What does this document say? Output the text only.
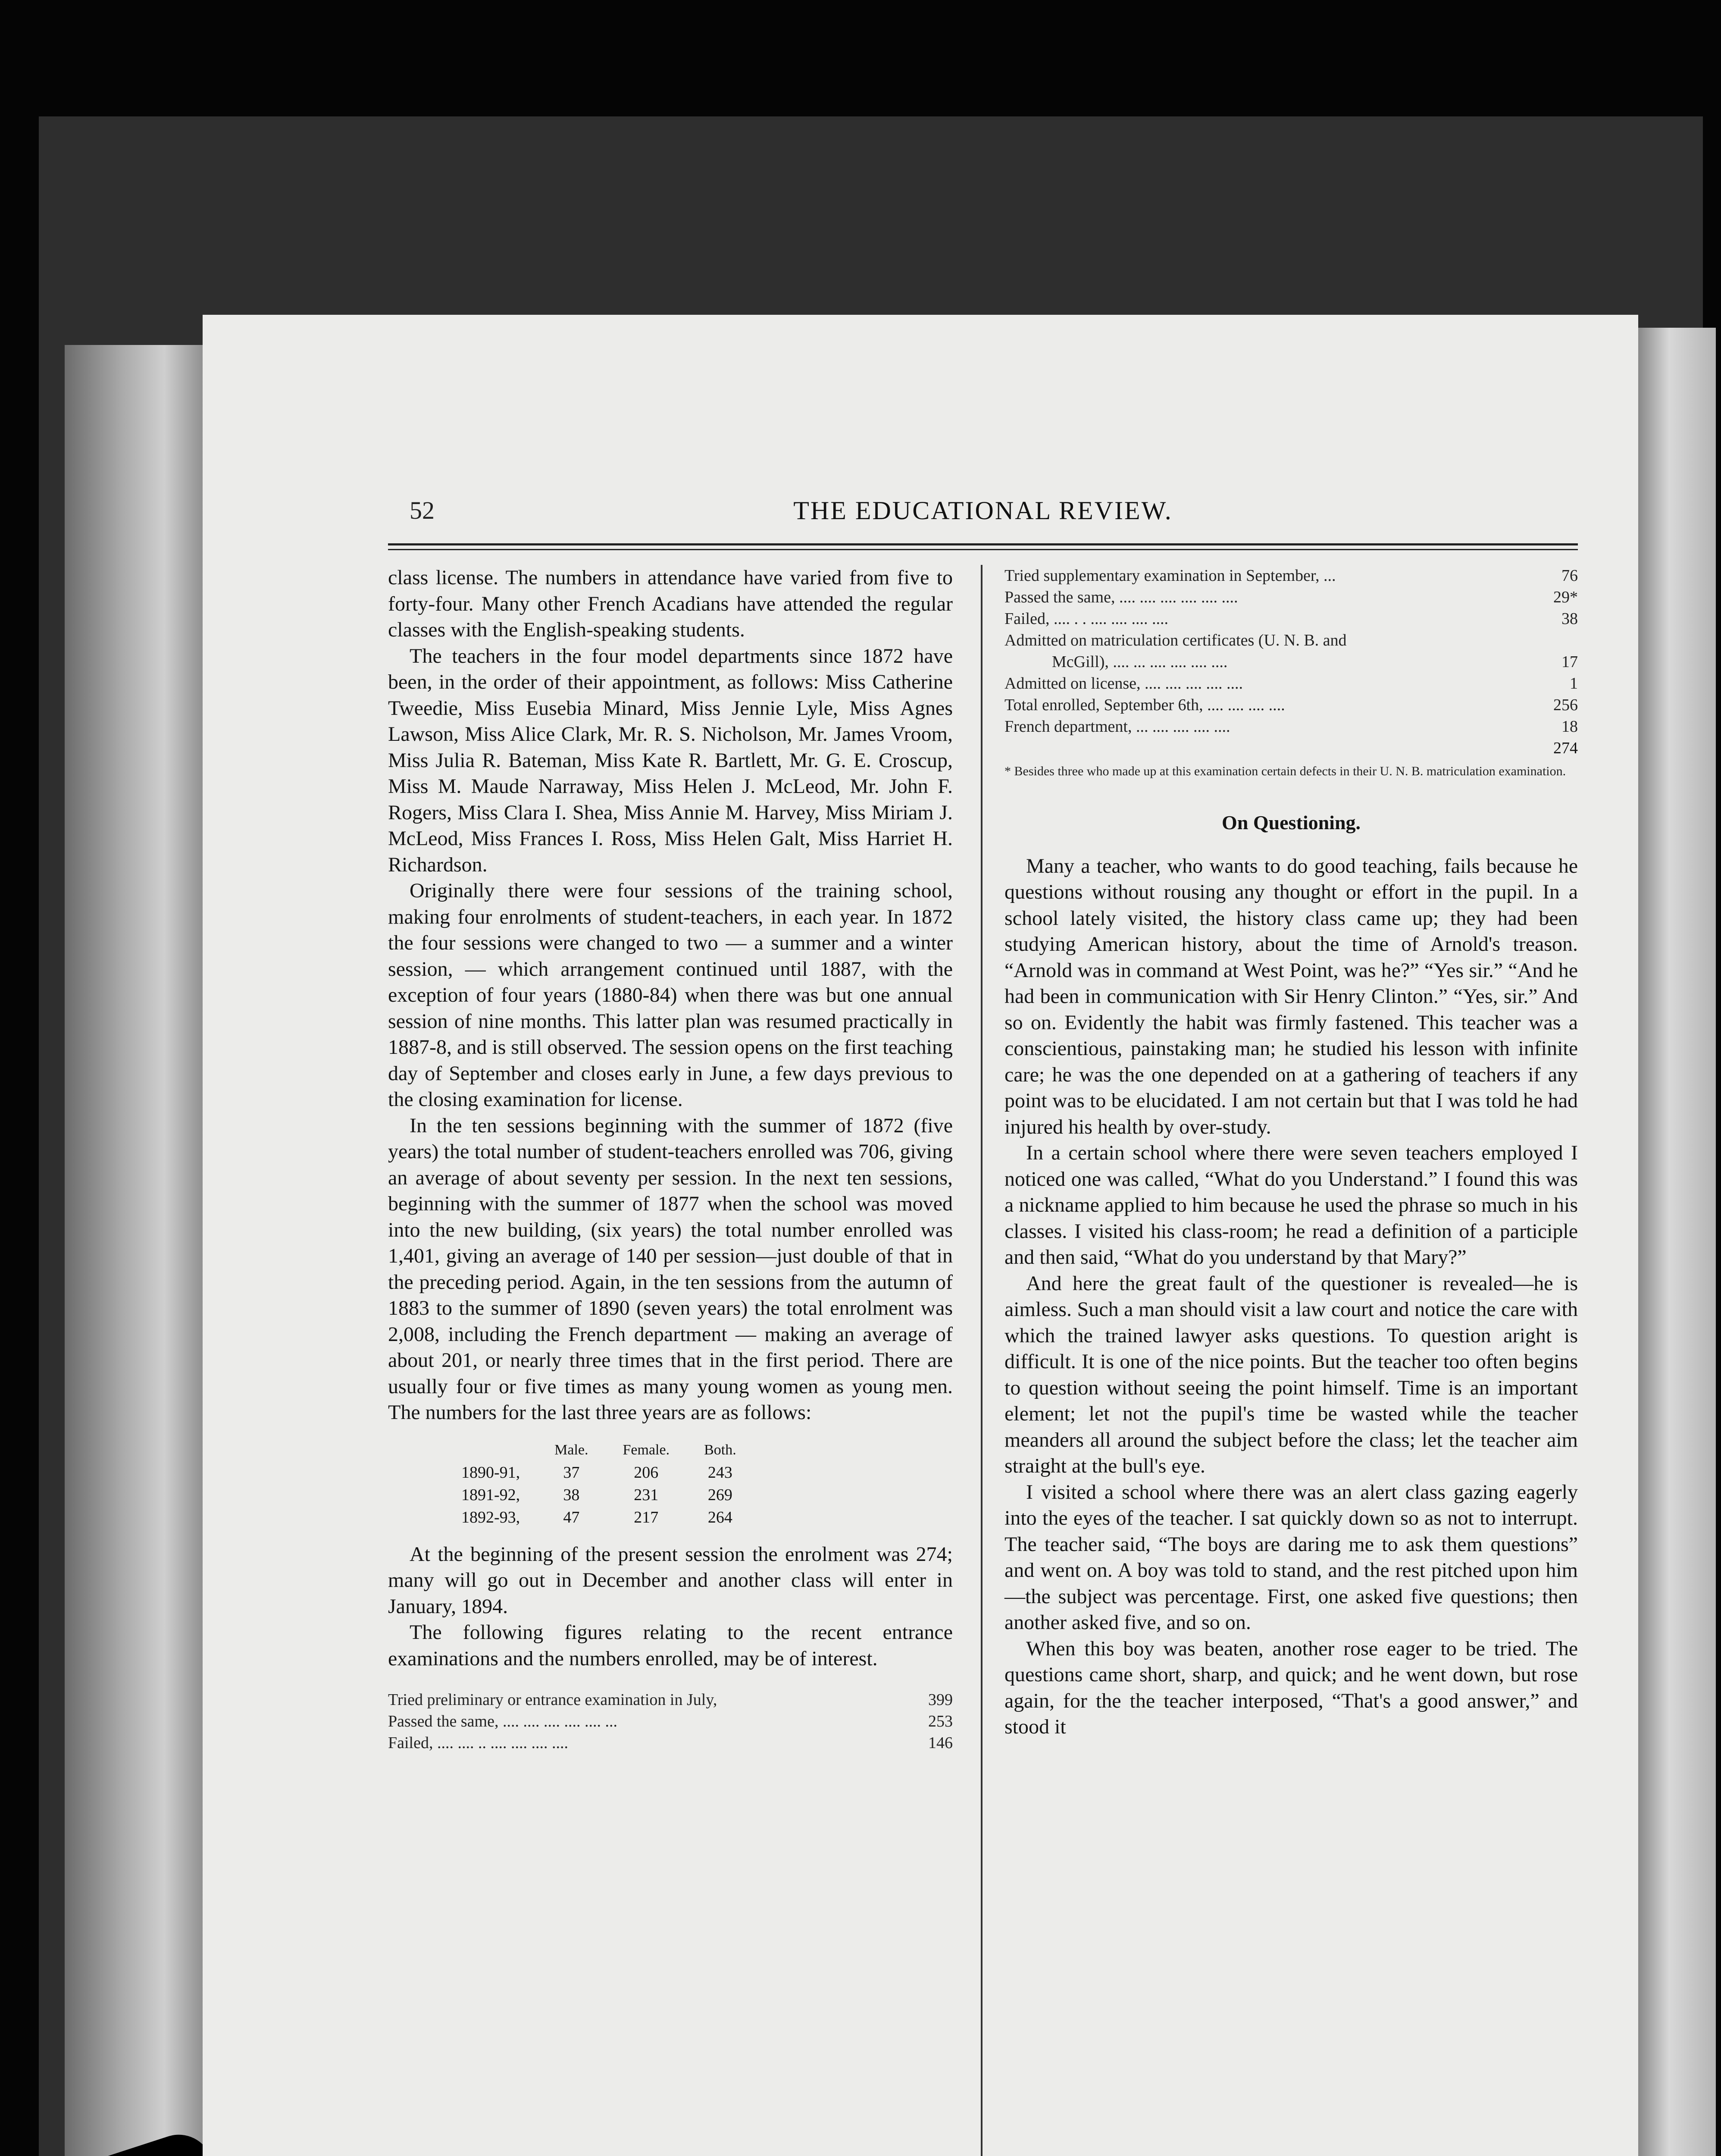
52	THE EDUCATIONAL REVIEW.

class license. The numbers in attendance have varied from five to forty-four. Many other French Acadians have attended the regular classes with the English-speaking students.

The teachers in the four model departments since 1872 have been, in the order of their appointment, as follows: Miss Catherine Tweedie, Miss Eusebia Minard, Miss Jennie Lyle, Miss Agnes Lawson, Miss Alice Clark, Mr. R. S. Nicholson, Mr. James Vroom, Miss Julia R. Bateman, Miss Kate R. Bartlett, Mr. G. E. Croscup, Miss M. Maude Narraway, Miss Helen J. McLeod, Mr. John F. Rogers, Miss Clara I. Shea, Miss Annie M. Harvey, Miss Miriam J. McLeod, Miss Frances I. Ross, Miss Helen Galt, Miss Harriet H. Richardson.

Originally there were four sessions of the training school, making four enrolments of student-teachers, in each year. In 1872 the four sessions were changed to two — a summer and a winter session, — which arrangement continued until 1887, with the exception of four years (1880-84) when there was but one annual session of nine months. This latter plan was resumed practically in 1887-8, and is still observed. The session opens on the first teaching day of September and closes early in June, a few days previous to the closing examination for license.

In the ten sessions beginning with the summer of 1872 (five years) the total number of student-teachers enrolled was 706, giving an average of about seventy per session. In the next ten sessions, beginning with the summer of 1877 when the school was moved into the new building, (six years) the total number enrolled was 1,401, giving an average of 140 per session—just double of that in the preceding period. Again, in the ten sessions from the autumn of 1883 to the summer of 1890 (seven years) the total enrolment was 2,008, including the French department — making an average of about 201, or nearly three times that in the first period. There are usually four or five times as many young women as young men. The numbers for the last three years are as follows:

	Male.	Female.	Both.
1890-91,	37	206	243
1891-92,	38	231	269
1892-93,	47	217	264

At the beginning of the present session the enrolment was 274; many will go out in December and another class will enter in January, 1894.

The following figures relating to the recent entrance examinations and the numbers enrolled, may be of interest.

Tried preliminary or entrance examination in July,	399
Passed the same, .... .... .... .... .... ...	253
Failed, .... .... .. .... .... .... ....	146
Tried supplementary examination in September, ...	76
Passed the same, .... .... .... .... .... ....	29*
Failed, .... . . .... .... .... ....	38
Admitted on matriculation certificates (U. N. B. and
McGill), .... ... .... .... .... ....	17
Admitted on license, .... .... .... .... ....	1
Total enrolled, September 6th, .... .... .... ....	256
French department, ... .... .... .... ....	18
274

* Besides three who made up at this examination certain defects in their U. N. B. matriculation examination.

On Questioning.

Many a teacher, who wants to do good teaching, fails because he questions without rousing any thought or effort in the pupil. In a school lately visited, the history class came up; they had been studying American history, about the time of Arnold's treason. “Arnold was in command at West Point, was he?” “Yes sir.” “And he had been in communication with Sir Henry Clinton.” “Yes, sir.” And so on. Evidently the habit was firmly fastened. This teacher was a conscientious, painstaking man; he studied his lesson with infinite care; he was the one depended on at a gathering of teachers if any point was to be elucidated. I am not certain but that I was told he had injured his health by over-study.

In a certain school where there were seven teachers employed I noticed one was called, “What do you Understand.” I found this was a nickname applied to him because he used the phrase so much in his classes. I visited his class-room; he read a definition of a participle and then said, “What do you understand by that Mary?”

And here the great fault of the questioner is revealed—he is aimless. Such a man should visit a law court and notice the care with which the trained lawyer asks questions. To question aright is difficult. It is one of the nice points. But the teacher too often begins to question without seeing the point himself. Time is an important element; let not the pupil's time be wasted while the teacher meanders all around the subject before the class; let the teacher aim straight at the bull's eye.

I visited a school where there was an alert class gazing eagerly into the eyes of the teacher. I sat quickly down so as not to interrupt. The teacher said, “The boys are daring me to ask them questions” and went on. A boy was told to stand, and the rest pitched upon him—the subject was percentage. First, one asked five questions; then another asked five, and so on.

When this boy was beaten, another rose eager to be tried. The questions came short, sharp, and quick; and he went down, but rose again, for the the teacher interposed, “That's a good answer,” and stood it
